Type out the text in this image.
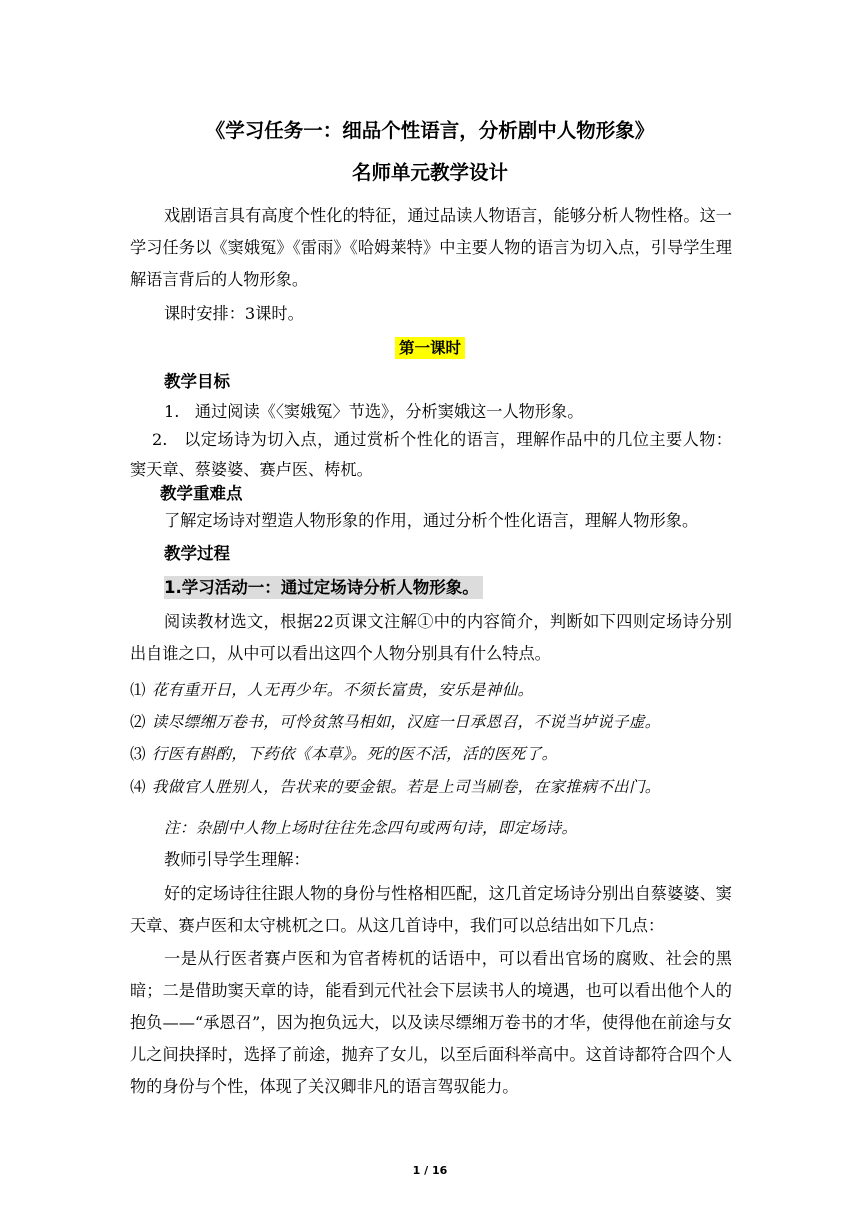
《学习任务一：细品个性语言，分析剧中人物形象》
名师单元教学设计
戏剧语言具有高度个性化的特征，通过品读人物语言，能够分析人物性格。这一学习任务以《窦娥冤》《雷雨》《哈姆莱特》中主要人物的语言为切入点，引导学生理解语言背后的人物形象。
课时安排：3课时。
第一课时
教学目标
1. 通过阅读《〈窦娥冤〉节选》，分析窦娥这一人物形象。
2. 以定场诗为切入点，通过赏析个性化的语言，理解作品中的几位主要人物：窦天章、蔡婆婆、赛卢医、梼杌。
教学重难点
了解定场诗对塑造人物形象的作用，通过分析个性化语言，理解人物形象。
教学过程
1.学习活动一：通过定场诗分析人物形象。
阅读教材选文，根据22页课文注解①中的内容简介，判断如下四则定场诗分别出自谁之口，从中可以看出这四个人物分别具有什么特点。
⑴ 花有重开日，人无再少年。不须长富贵，安乐是神仙。
⑵ 读尽缥缃万卷书，可怜贫煞马相如，汉庭一日承恩召，不说当垆说子虚。
⑶ 行医有斟酌，下药依《本草》。死的医不活，活的医死了。
⑷ 我做官人胜别人，告状来的要金银。若是上司当刷卷，在家推病不出门。
注：杂剧中人物上场时往往先念四句或两句诗，即定场诗。
教师引导学生理解：
好的定场诗往往跟人物的身份与性格相匹配，这几首定场诗分别出自蔡婆婆、窦天章、赛卢医和太守桃杌之口。从这几首诗中，我们可以总结出如下几点：
一是从行医者赛卢医和为官者梼杌的话语中，可以看出官场的腐败、社会的黑暗；二是借助窦天章的诗，能看到元代社会下层读书人的境遇，也可以看出他个人的抱负——“承恩召”，因为抱负远大，以及读尽缥缃万卷书的才华，使得他在前途与女儿之间抉择时，选择了前途，抛弃了女儿，以至后面科举高中。这首诗都符合四个人物的身份与个性，体现了关汉卿非凡的语言驾驭能力。
1 / 16
